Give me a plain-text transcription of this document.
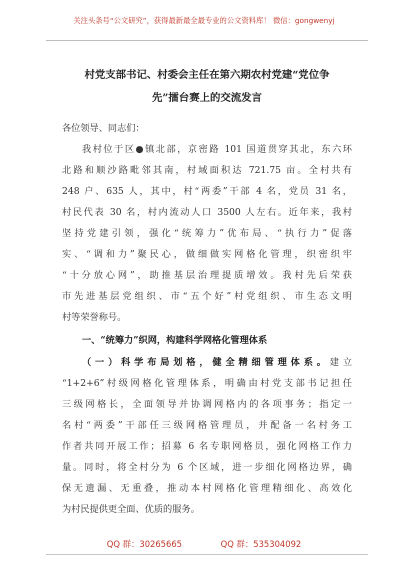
关注头条号“公文研究”，获得最新最全最专业的公文资料库！ 微信：gongwenyj
村党支部书记、村委会主任在第六期农村党建“党位争
先”擂台赛上的交流发言
各位领导、同志们：
我村位于区●镇北部，京密路 101 国道贯穿其北，东六环
北路和顺沙路毗邻其南，村域面积达 721.75 亩。全村共有
248 户、635 人，其中，村“两委”干部 4 名，党员 31 名，
村民代表 30 名，村内流动人口 3500 人左右。近年来，我村
坚持党建引领，强化“统筹力”优布局、“执行力”促落
实、“调和力”聚民心，做细做实网格化管理，织密织牢
“十分放心网”，助推基层治理提质增效。我村先后荣获
市先进基层党组织、市“五个好”村党组织、市生态文明
村等荣誉称号。
一、“统筹力”织网，构建科学网格化管理体系
（一）科学布局划格，健全精细管理体系。建立
“1+2+6”村级网格化管理体系，明确由村党支部书记担任
三级网格长，全面领导并协调网格内的各项事务；指定一
名村“两委”干部任三级网格管理员，并配备一名村务工
作者共同开展工作；招募 6 名专职网格员，强化网格工作力
量。同时，将全村分为 6 个区域，进一步细化网格边界，确
保无遗漏、无重叠，推动本村网格化管理精细化、高效化
为村民提供更全面、优质的服务。
QQ 群：30265665	QQ 群：535304092
